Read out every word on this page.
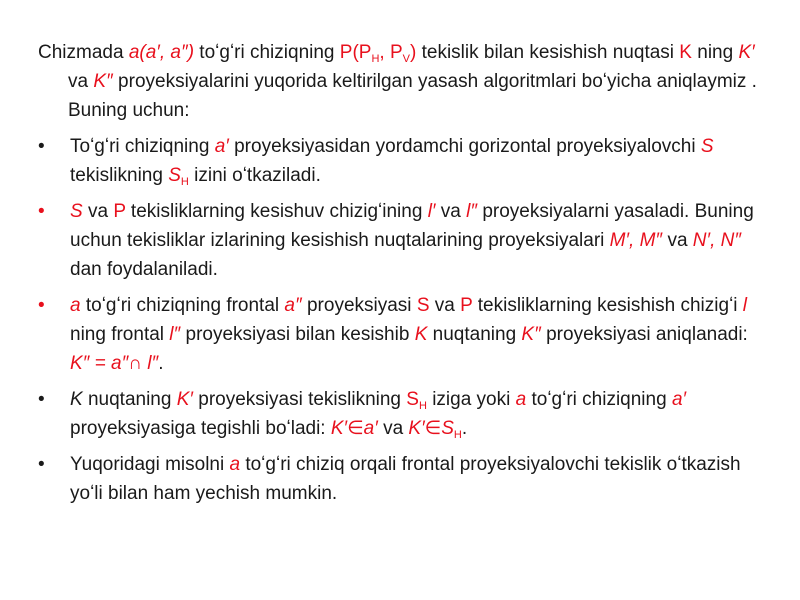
Chizmada a(a′, a″) toʻgʻri chiziqning $P(P_H$, $P_V$) tekislik bilan kesishish nuqtasi K ning K′ va K″ proyeksiyalarini yuqorida keltirilgan yasash algoritmlari boʻyicha aniqlaymiz . Buning uchun:

•	Toʻgʻri chiziqning a′ proyeksiyasidan yordamchi gorizontal proyeksiyalovchi S tekislikning $S_H$ izini oʻtkaziladi.
•	S va P tekisliklarning kesishuv chizigʻining l′ va l″ proyeksiyalarni yasaladi. Buning uchun tekisliklar izlarining kesishish nuqtalarining proyeksiyalari M′, M″ va N′, N″ dan foydalaniladi.
•	a toʻgʻri chiziqning frontal a″ proyeksiyasi S va P tekisliklarning kesishish chizigʻi l ning frontal l″ proyeksiyasi bilan kesishib K nuqtaning K″ proyeksiyasi aniqlanadi: K″ = a″∩ l″.
•	K nuqtaning K′ proyeksiyasi tekislikning $S_H$ iziga yoki a toʻgʻri chiziqning a′ proyeksiyasiga tegishli boʻladi: K′∈a′ va $K'\in S_H$.
•	Yuqoridagi misolni a toʻgʻri chiziq orqali frontal proyeksiyalovchi tekislik oʻtkazish yoʻli bilan ham yechish mumkin.
